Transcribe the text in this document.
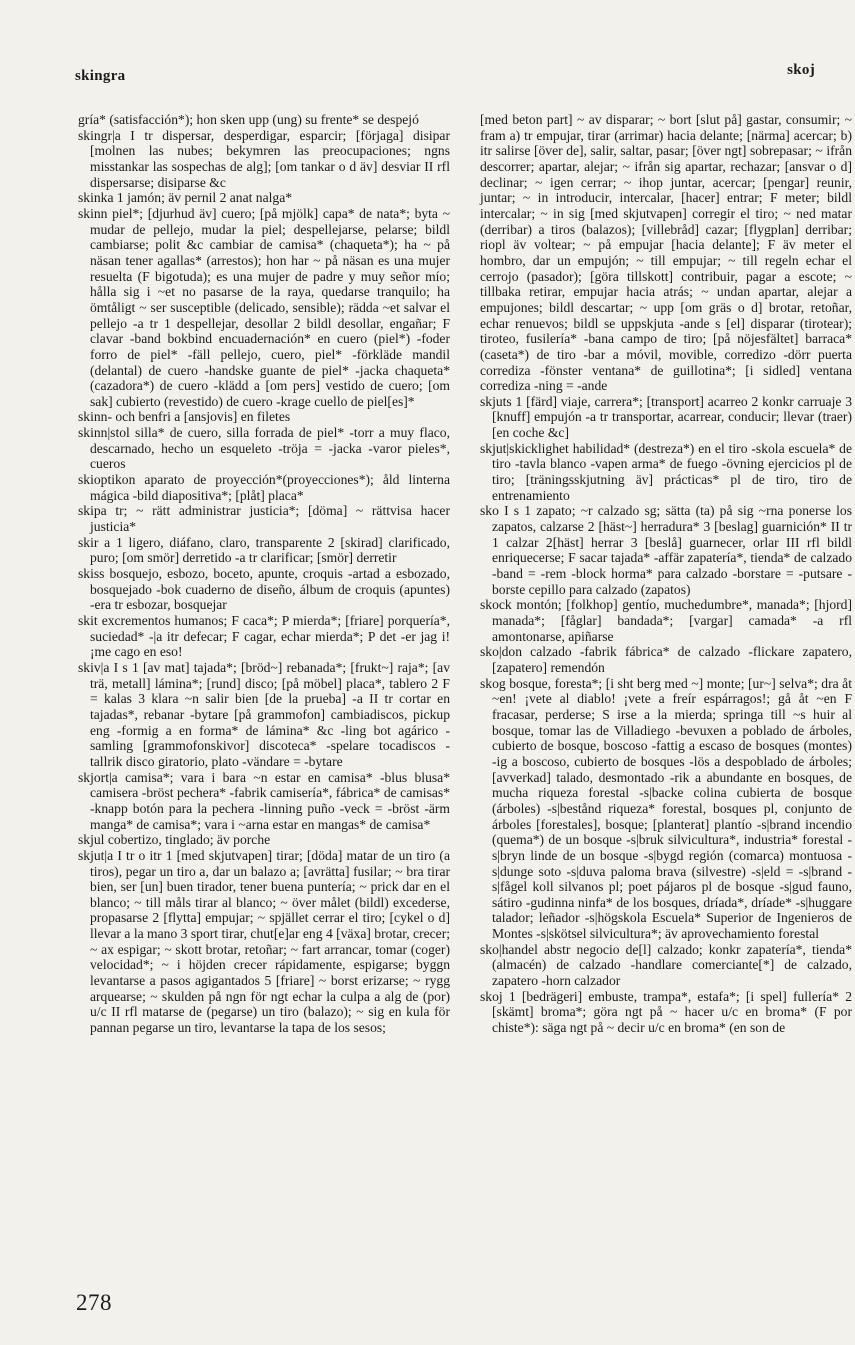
skingra	skoj

gría* (satisfacción*); hon sken upp (ung) su frente* se despejó

skingr|a I tr dispersar, desperdigar, esparcir; [förjaga] disipar [molnen las nubes; bekymren las preocupaciones; ngns misstankar las sospechas de alg]; [om tankar o d äv] desviar II rfl dispersarse; disiparse &c

skinka 1 jamón; äv pernil 2 anat nalga*

skinn piel*; [djurhud äv] cuero; [på mjölk] capa* de nata*; byta ~ mudar de pellejo, mudar la piel; despellejarse, pelarse; bildl cambiarse; polit &c cambiar de camisa* (chaqueta*); ha ~ på näsan tener agallas* (arrestos); hon har ~ på näsan es una mujer resuelta (F bigotuda); es una mujer de padre y muy señor mío; hålla sig i ~et no pasarse de la raya, quedarse tranquilo; ha ömtåligt ~ ser susceptible (delicado, sensible); rädda ~et salvar el pellejo -a tr 1 despellejar, desollar 2 bildl desollar, engañar; F clavar -band bokbind encuadernación* en cuero (piel*) -foder forro de piel* -fäll pellejo, cuero, piel* -förkläde mandil (delantal) de cuero -handske guante de piel* -jacka chaqueta* (cazadora*) de cuero -klädd a [om pers] vestido de cuero; [om sak] cubierto (revestido) de cuero -krage cuello de piel[es]*

skinn- och benfri a [ansjovis] en filetes

skinn|stol silla* de cuero, silla forrada de piel* -torr a muy flaco, descarnado, hecho un esqueleto -tröja = -jacka -varor pieles*, cueros

skioptikon aparato de proyección*(proyecciones*); åld linterna mágica -bild diapositiva*; [plåt] placa*

skipa tr; ~ rätt administrar justicia*; [döma] ~ rättvisa hacer justicia*

skir a 1 ligero, diáfano, claro, transparente 2 [skirad] clarificado, puro; [om smör] derretido -a tr clarificar; [smör] derretir

skiss bosquejo, esbozo, boceto, apunte, croquis -artad a esbozado, bosquejado -bok cuaderno de diseño, álbum de croquis (apuntes) -era tr esbozar, bosquejar

skit excrementos humanos; F caca*; P mierda*; [friare] porquería*, suciedad* -|a itr defecar; F cagar, echar mierda*; P det -er jag i! ¡me cago en eso!

skiv|a I s 1 [av mat] tajada*; [bröd~] rebanada*; [frukt~] raja*; [av trä, metall] lámina*; [rund] disco; [på möbel] placa*, tablero 2 F = kalas 3 klara ~n salir bien [de la prueba] -a II tr cortar en tajadas*, rebanar -bytare [på grammofon] cambiadiscos, pickup eng -formig a en forma* de lámina* &c -ling bot agárico -samling [grammofonskivor] discoteca* -spelare tocadiscos -tallrik disco giratorio, plato -vändare = -bytare

skjort|a camisa*; vara i bara ~n estar en camisa* -blus blusa* camisera -bröst pechera* -fabrik camisería*, fábrica* de camisas* -knapp botón para la pechera -linning puño -veck = -bröst -ärm manga* de camisa*; vara i ~arna estar en mangas* de camisa*

skjul cobertizo, tinglado; äv porche

skjut|a I tr o itr 1 [med skjutvapen] tirar; [döda] matar de un tiro (a tiros), pegar un tiro a, dar un balazo a; [avrätta] fusilar; ~ bra tirar bien, ser [un] buen tirador, tener buena puntería; ~ prick dar en el blanco; ~ till måls tirar al blanco; ~ över målet (bildl) excederse, propasarse 2 [flytta] empujar; ~ spjället cerrar el tiro; [cykel o d] llevar a la mano 3 sport tirar, chut[e]ar eng 4 [växa] brotar, crecer; ~ ax espigar; ~ skott brotar, retoñar; ~ fart arrancar, tomar (coger) velocidad*; ~ i höjden crecer rápidamente, espigarse; byggn levantarse a pasos agigantados 5 [friare] ~ borst erizarse; ~ rygg arquearse; ~ skulden på ngn för ngt echar la culpa a alg de (por) u/c II rfl matarse de (pegarse) un tiro (balazo); ~ sig en kula för pannan pegarse un tiro, levantarse la tapa de los sesos;

[med beton part] ~ av disparar; ~ bort [slut på] gastar, consumir; ~ fram a) tr empujar, tirar (arrimar) hacia delante; [närma] acercar; b) itr salirse [över de], salir, saltar, pasar; [över ngt] sobrepasar; ~ ifrån descorrer; apartar, alejar; ~ ifrån sig apartar, rechazar; [ansvar o d] declinar; ~ igen cerrar; ~ ihop juntar, acercar; [pengar] reunir, juntar; ~ in introducir, intercalar, [hacer] entrar; F meter; bildl intercalar; ~ in sig [med skjutvapen] corregir el tiro; ~ ned matar (derribar) a tiros (balazos); [villebråd] cazar; [flygplan] derribar; riopl äv voltear; ~ på empujar [hacia delante]; F äv meter el hombro, dar un empujón; ~ till empujar; ~ till regeln echar el cerrojo (pasador); [göra tillskott] contribuir, pagar a escote; ~ tillbaka retirar, empujar hacia atrás; ~ undan apartar, alejar a empujones; bildl descartar; ~ upp [om gräs o d] brotar, retoñar, echar renuevos; bildl se uppskjuta -ande s [el] disparar (tirotear); tiroteo, fusilería* -bana campo de tiro; [på nöjesfältet] barraca* (caseta*) de tiro -bar a móvil, movible, corredizo -dörr puerta corrediza -fönster ventana* de guillotina*; [i sidled] ventana corrediza -ning = -ande

skjuts 1 [färd] viaje, carrera*; [transport] acarreo 2 konkr carruaje 3 [knuff] empujón -a tr transportar, acarrear, conducir; llevar (traer) [en coche &c]

skjut|skicklighet habilidad* (destreza*) en el tiro -skola escuela* de tiro -tavla blanco -vapen arma* de fuego -övning ejercicios pl de tiro; [träningsskjutning äv] prácticas* pl de tiro, tiro de entrenamiento

sko I s 1 zapato; ~r calzado sg; sätta (ta) på sig ~rna ponerse los zapatos, calzarse 2 [häst~] herradura* 3 [beslag] guarnición* II tr 1 calzar 2[häst] herrar 3 [beslå] guarnecer, orlar III rfl bildl enriquecerse; F sacar tajada* -affär zapatería*, tienda* de calzado -band = -rem -block horma* para calzado -borstare = -putsare -borste cepillo para calzado (zapatos)

skock montón; [folkhop] gentío, muchedumbre*, manada*; [hjord] manada*; [fåglar] bandada*; [vargar] camada* -a rfl amontonarse, apiñarse

sko|don calzado -fabrik fábrica* de calzado -flickare zapatero, [zapatero] remendón

skog bosque, foresta*; [i sht berg med ~] monte; [ur~] selva*; dra åt ~en! ¡vete al diablo! ¡vete a freír espárragos!; gå åt ~en F fracasar, perderse; S irse a la mierda; springa till ~s huir al bosque, tomar las de Villadiego -bevuxen a poblado de árboles, cubierto de bosque, boscoso -fattig a escaso de bosques (montes) -ig a boscoso, cubierto de bosques -lös a despoblado de árboles; [avverkad] talado, desmontado -rik a abundante en bosques, de mucha riqueza forestal -s|backe colina cubierta de bosque (árboles) -s|bestånd riqueza* forestal, bosques pl, conjunto de árboles [forestales], bosque; [planterat] plantío -s|brand incendio (quema*) de un bosque -s|bruk silvicultura*, industria* forestal -s|bryn linde de un bosque -s|bygd región (comarca) montuosa -s|dunge soto -s|duva paloma brava (silvestre) -s|eld = -s|brand -s|fågel koll silvanos pl; poet pájaros pl de bosque -s|gud fauno, sátiro -gudinna ninfa* de los bosques, dríada*, dríade* -s|huggare talador; leñador -s|högskola Escuela* Superior de Ingenieros de Montes -s|skötsel silvicultura*; äv aprovechamiento forestal

sko|handel abstr negocio de[l] calzado; konkr zapatería*, tienda* (almacén) de calzado -handlare comerciante[*] de calzado, zapatero -horn calzador

skoj 1 [bedrägeri] embuste, trampa*, estafa*; [i spel] fullería* 2 [skämt] broma*; göra ngt på ~ hacer u/c en broma* (F por chiste*): säga ngt på ~ decir u/c en broma* (en son de

278
